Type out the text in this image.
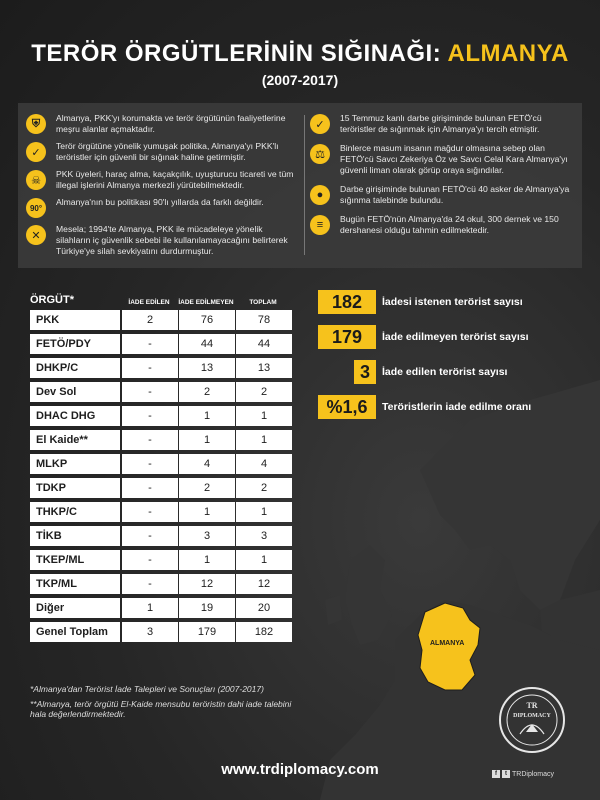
TERÖR ÖRGÜTLERİNİN SIĞINAĞI: ALMANYA
(2007-2017)
⛨	Almanya, PKK'yı korumakta ve terör örgütünün faaliyetlerine meşru alanlar açmaktadır.
✓
Terör örgütüne yönelik yumuşak politika, Almanya'yı PKK'lı teröristler için güvenli bir sığınak haline getirmiştir.
☠
PKK üyeleri, haraç alma, kaçakçılık, uyuşturucu ticareti ve tüm illegal işlerini Almanya merkezli yürütebilmektedir.
90°
Almanya'nın bu politikası 90'lı yıllarda da farklı değildir.
✕
Mesela; 1994'te Almanya, PKK ile mücadeleye yönelik silahların iç güvenlik sebebi ile kullanılamayacağını belirterek Türkiye'ye silah sevkiyatını durdurmuştur.
✓
15 Temmuz kanlı darbe girişiminde bulunan FETÖ'cü teröristler de sığınmak için Almanya'yı tercih etmiştir.
⚖
Binlerce masum insanın mağdur olmasına sebep olan FETÖ'cü Savcı Zekeriya Öz ve Savcı Celal Kara Almanya'yı güvenli liman olarak görüp oraya sığındılar.
●	Darbe girişiminde bulunan FETÖ'cü 40 asker de Almanya'ya sığınma talebinde bulundu.
≡	Bugün FETÖ'nün Almanya'da 24 okul, 300 dernek ve 150 dershanesi olduğu tahmin edilmektedir.
ÖRGÜT*	İADE EDİLEN	İADE EDİLMEYEN	TOPLAM
PKK	2	76	78
FETÖ/PDY	-	44	44
DHKP/C	-	13	13
Dev Sol	-	2	2
DHAC DHG	-	1	1
El Kaide**	-	1	1
MLKP	-	4	4
TDKP	-	2	2
THKP/C	-	1	1
TİKB	-	3	3
TKEP/ML	-	1	1
TKP/ML	-	12	12
Diğer	1	19	20
Genel Toplam	3	179	182
*Almanya'dan Terörist İade Talepleri ve Sonuçları (2007-2017)
**Almanya, terör örgütü El-Kaide mensubu teröristin dahi iade talebini hala değerlendirmektedir.
182	İadesi istenen terörist sayısı
179	İade edilmeyen terörist sayısı
3	İade edilen terörist sayısı
%1,6	Teröristlerin iade edilme oranı
ALMANYA
TR
DIPLOMACY
www.trdiplomacy.com	f	t TRDiplomacy
